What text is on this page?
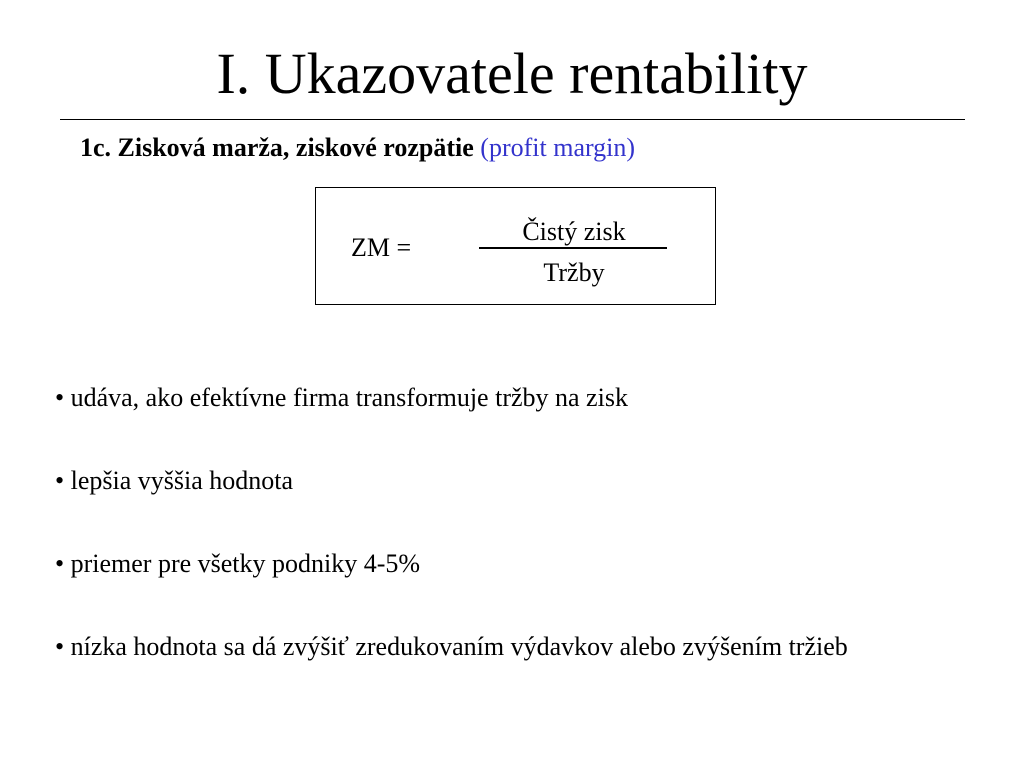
I. Ukazovatele rentability
1c. Zisková marža, ziskové rozpätie (profit margin)
ZM =
Čistý zisk
Tržby
• udáva, ako efektívne firma transformuje tržby na zisk
• lepšia vyššia hodnota
• priemer pre všetky podniky 4-5%
• nízka hodnota sa dá zvýšiť zredukovaním výdavkov alebo zvýšením tržieb
